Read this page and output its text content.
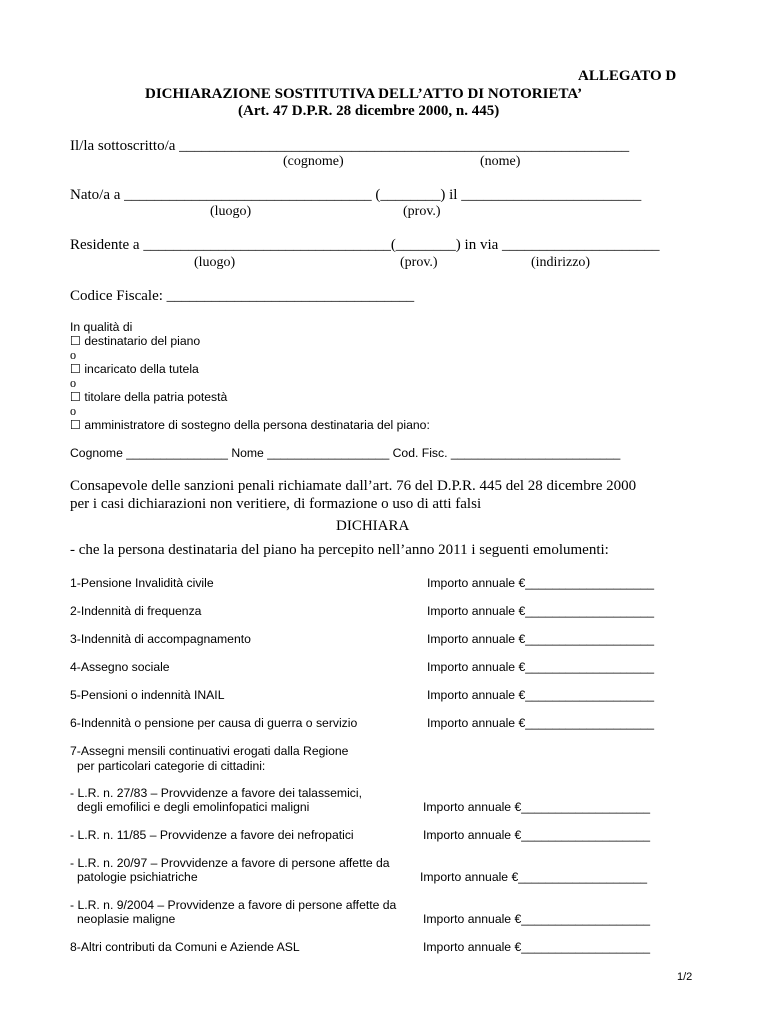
ALLEGATO D
DICHIARAZIONE SOSTITUTIVA DELL’ATTO DI NOTORIETA’
(Art. 47 D.P.R. 28 dicembre 2000, n. 445)
Il/la sottoscritto/a ____________________________________________________________
(cognome)	(nome)
Nato/a a _________________________________ (________) il ________________________
(luogo)	(prov.)
Residente a _________________________________(________) in via _____________________
(luogo)	(prov.)	(indirizzo)
Codice Fiscale: _________________________________
In qualità di
☐ destinatario del piano
o
☐ incaricato della tutela
o
☐ titolare della patria potestà
o
☐ amministratore di sostegno della persona destinataria del piano:
Cognome _______________ Nome __________________ Cod. Fisc. _________________________
Consapevole delle sanzioni penali richiamate dall’art. 76 del D.P.R. 445 del 28 dicembre 2000
per i casi dichiarazioni non veritiere, di formazione o uso di atti falsi
DICHIARA
- che la persona destinataria del piano ha percepito nell’anno 2011 i seguenti emolumenti:
1-Pensione Invalidità civile	Importo annuale €___________________
2-Indennità di frequenza	Importo annuale €___________________
3-Indennità di accompagnamento	Importo annuale €___________________
4-Assegno sociale	Importo annuale €___________________
5-Pensioni o indennità INAIL	Importo annuale €___________________
6-Indennità o pensione per causa di guerra o servizio	Importo annuale €___________________
7-Assegni mensili continuativi erogati dalla Regione
per particolari categorie di cittadini:
- L.R. n. 27/83 – Provvidenze a favore dei talassemici,
degli emofilici e degli emolinfopatici maligni	Importo annuale €___________________
- L.R. n. 11/85 – Provvidenze a favore dei nefropatici	Importo annuale €___________________
- L.R. n. 20/97 – Provvidenze a favore di persone affette da
patologie psichiatriche	Importo annuale €___________________
- L.R. n. 9/2004 – Provvidenze a favore di persone affette da
neoplasie maligne	Importo annuale €___________________
8-Altri contributi da Comuni e Aziende ASL	Importo annuale €___________________
1/2
